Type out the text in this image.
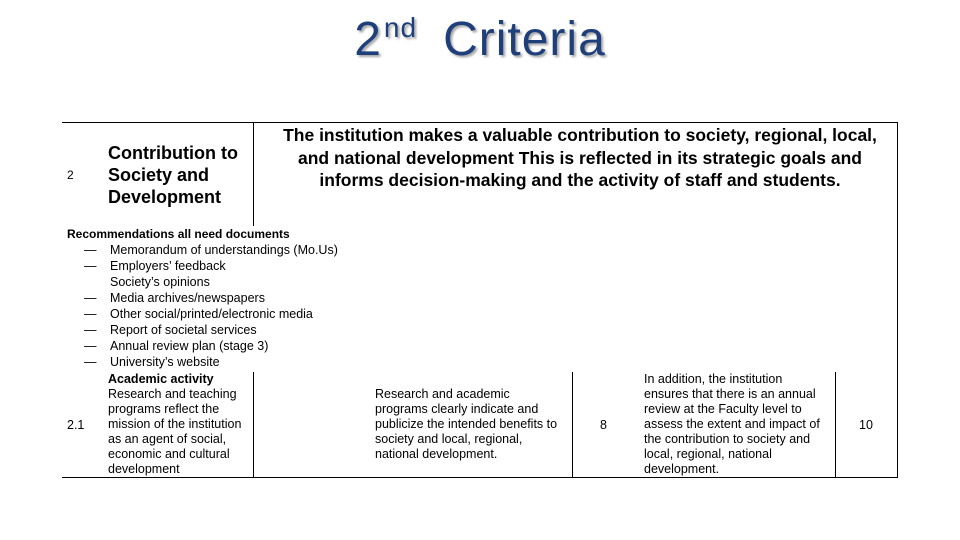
2nd Criteria
2
Contribution to
Society and
Development
The institution makes a valuable contribution to society, regional, local, and national development This is reflected in its strategic goals and informs decision-making and the activity of staff and students.
Recommendations all need documents
— Memorandum of understandings (Mo.Us)
— Employers’ feedback
Society’s opinions
— Media archives/newspapers
— Other social/printed/electronic media
— Report of societal services
— Annual review plan (stage 3)
— University’s website
2.1
Academic activity
Research and teaching programs reflect the mission of the institution as an agent of social, economic and cultural development
Research and academic programs clearly indicate and publicize the intended benefits to society and local, regional, national development.
8
In addition, the institution ensures that there is an annual review at the Faculty level to assess the extent and impact of the contribution to society and local, regional, national development.
10
